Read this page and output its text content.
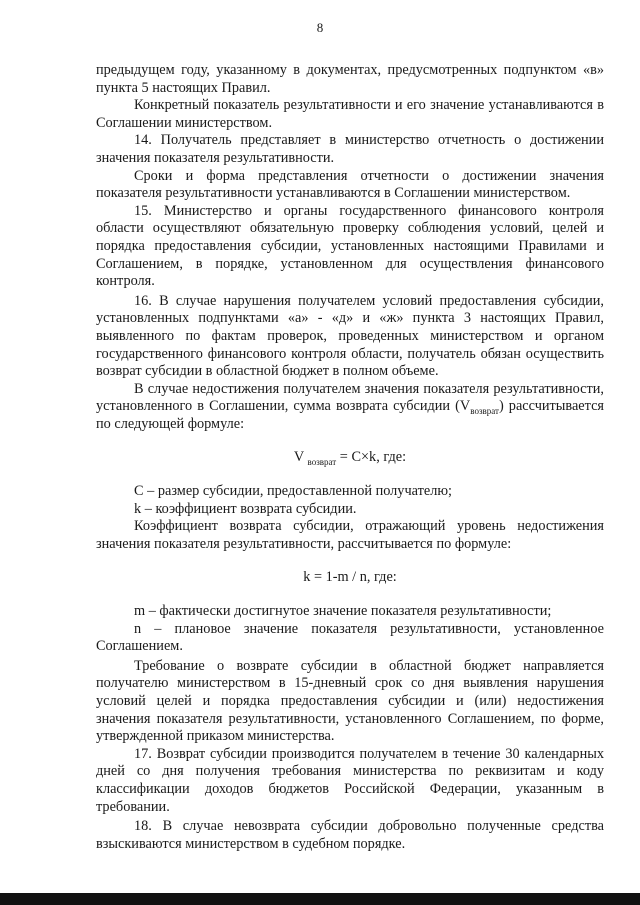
8

предыдущем году, указанному в документах, предусмотренных подпунктом «в» пункта 5 настоящих Правил.

Конкретный показатель результативности и его значение устанавливаются в Соглашении министерством.

14. Получатель представляет в министерство отчетность о достижении значения показателя результативности.

Сроки и форма представления отчетности о достижении значения показателя результативности устанавливаются в Соглашении министерством.

15. Министерство и органы государственного финансового контроля области осуществляют обязательную проверку соблюдения условий, целей и порядка предоставления субсидии, установленных настоящими Правилами и Соглашением, в порядке, установленном для осуществления финансового контроля.

16. В случае нарушения получателем условий предоставления субсидии, установленных подпунктами «а» - «д» и «ж» пункта 3 настоящих Правил, выявленного по фактам проверок, проведенных министерством и органом государственного финансового контроля области, получатель обязан осуществить возврат субсидии в областной бюджет в полном объеме.

В случае недостижения получателем значения показателя результативности, установленного в Соглашении, сумма возврата субсидии $(V_{возврат})$ рассчитывается по следующей формуле:

V $_{возврат}$ = C×k, где:

С – размер субсидии, предоставленной получателю;

k – коэффициент возврата субсидии.

Коэффициент возврата субсидии, отражающий уровень недостижения значения показателя результативности, рассчитывается по формуле:

k = 1-m / n, где:

m – фактически достигнутое значение показателя результативности;

n – плановое значение показателя результативности, установленное Соглашением.

Требование о возврате субсидии в областной бюджет направляется получателю министерством в 15-дневный срок со дня выявления нарушения условий целей и порядка предоставления субсидии и (или) недостижения значения показателя результативности, установленного Соглашением, по форме, утвержденной приказом министерства.

17. Возврат субсидии производится получателем в течение 30 календарных дней со дня получения требования министерства по реквизитам и коду классификации доходов бюджетов Российской Федерации, указанным в требовании.

18. В случае невозврата субсидии добровольно полученные средства взыскиваются министерством в судебном порядке.
